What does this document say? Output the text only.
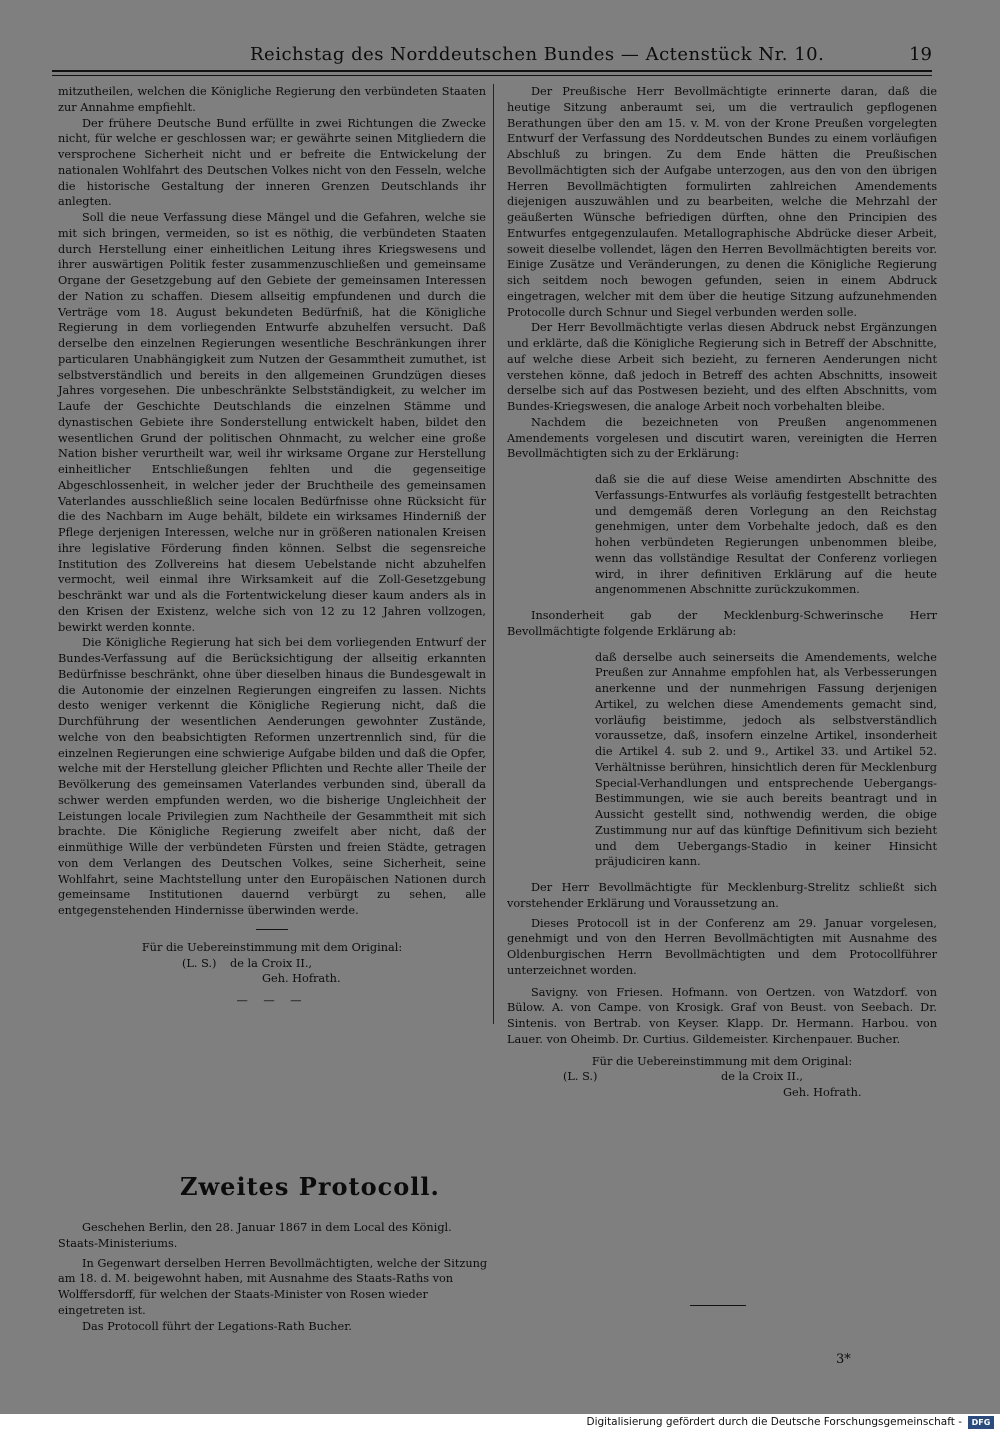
Reichstag des Norddeutschen Bundes — Actenstück Nr. 10.	19

mitzutheilen, welchen die Königliche Regierung den verbündeten Staaten zur Annahme empfiehlt.

Der frühere Deutsche Bund erfüllte in zwei Richtungen die Zwecke nicht, für welche er geschlossen war; er gewährte seinen Mitgliedern die versprochene Sicherheit nicht und er befreite die Entwickelung der nationalen Wohlfahrt des Deutschen Volkes nicht von den Fesseln, welche die historische Gestaltung der inneren Grenzen Deutschlands ihr anlegten.

Soll die neue Verfassung diese Mängel und die Gefahren, welche sie mit sich bringen, vermeiden, so ist es nöthig, die verbündeten Staaten durch Herstellung einer einheitlichen Leitung ihres Kriegswesens und ihrer auswärtigen Politik fester zusammenzuschließen und gemeinsame Organe der Gesetzgebung auf den Gebiete der gemeinsamen Interessen der Nation zu schaffen. Diesem allseitig empfundenen und durch die Verträge vom 18. August bekundeten Bedürfniß, hat die Königliche Regierung in dem vorliegenden Entwurfe abzuhelfen versucht. Daß derselbe den einzelnen Regierungen wesentliche Beschränkungen ihrer particularen Unabhängigkeit zum Nutzen der Gesammtheit zumuthet, ist selbstverständlich und bereits in den allgemeinen Grundzügen dieses Jahres vorgesehen. Die unbeschränkte Selbstständigkeit, zu welcher im Laufe der Geschichte Deutschlands die einzelnen Stämme und dynastischen Gebiete ihre Sonderstellung entwickelt haben, bildet den wesentlichen Grund der politischen Ohnmacht, zu welcher eine große Nation bisher verurtheilt war, weil ihr wirksame Organe zur Herstellung einheitlicher Entschließungen fehlten und die gegenseitige Abgeschlossenheit, in welcher jeder der Bruchtheile des gemeinsamen Vaterlandes ausschließlich seine localen Bedürfnisse ohne Rücksicht für die des Nachbarn im Auge behält, bildete ein wirksames Hinderniß der Pflege derjenigen Interessen, welche nur in größeren nationalen Kreisen ihre legislative Förderung finden können. Selbst die segensreiche Institution des Zollvereins hat diesem Uebelstande nicht abzuhelfen vermocht, weil einmal ihre Wirksamkeit auf die Zoll-Gesetzgebung beschränkt war und als die Fortentwickelung dieser kaum anders als in den Krisen der Existenz, welche sich von 12 zu 12 Jahren vollzogen, bewirkt werden konnte.

Die Königliche Regierung hat sich bei dem vorliegenden Entwurf der Bundes-Verfassung auf die Berücksichtigung der allseitig erkannten Bedürfnisse beschränkt, ohne über dieselben hinaus die Bundesgewalt in die Autonomie der einzelnen Regierungen eingreifen zu lassen. Nichts desto weniger verkennt die Königliche Regierung nicht, daß die Durchführung der wesentlichen Aenderungen gewohnter Zustände, welche von den beabsichtigten Reformen unzertrennlich sind, für die einzelnen Regierungen eine schwierige Aufgabe bilden und daß die Opfer, welche mit der Herstellung gleicher Pflichten und Rechte aller Theile der Bevölkerung des gemeinsamen Vaterlandes verbunden sind, überall da schwer werden empfunden werden, wo die bisherige Ungleichheit der Leistungen locale Privilegien zum Nachtheile der Gesammtheit mit sich brachte. Die Königliche Regierung zweifelt aber nicht, daß der einmüthige Wille der verbündeten Fürsten und freien Städte, getragen von dem Verlangen des Deutschen Volkes, seine Sicherheit, seine Wohlfahrt, seine Machtstellung unter den Europäischen Nationen durch gemeinsame Institutionen dauernd verbürgt zu sehen, alle entgegenstehenden Hindernisse überwinden werde.

Für die Uebereinstimmung mit dem Original:

(L. S.) de la Croix II.,

Geh. Hofrath.

— — —

Zweites Protocoll.

Geschehen Berlin, den 28. Januar 1867 in dem Local des Königl. Staats-Ministeriums.

In Gegenwart derselben Herren Bevollmächtigten, welche der Sitzung am 18. d. M. beigewohnt haben, mit Ausnahme des Staats-Raths von Wolffersdorff, für welchen der Staats-Minister von Rosen wieder eingetreten ist.

Das Protocoll führt der Legations-Rath Bucher.

Der Preußische Herr Bevollmächtigte erinnerte daran, daß die heutige Sitzung anberaumt sei, um die vertraulich gepflogenen Berathungen über den am 15. v. M. von der Krone Preußen vorgelegten Entwurf der Verfassung des Norddeutschen Bundes zu einem vorläufigen Abschluß zu bringen. Zu dem Ende hätten die Preußischen Bevollmächtigten sich der Aufgabe unterzogen, aus den von den übrigen Herren Bevollmächtigten formulirten zahlreichen Amendements diejenigen auszuwählen und zu bearbeiten, welche die Mehrzahl der geäußerten Wünsche befriedigen dürften, ohne den Principien des Entwurfes entgegenzulaufen. Metallographische Abdrücke dieser Arbeit, soweit dieselbe vollendet, lägen den Herren Bevollmächtigten bereits vor. Einige Zusätze und Veränderungen, zu denen die Königliche Regierung sich seitdem noch bewogen gefunden, seien in einem Abdruck eingetragen, welcher mit dem über die heutige Sitzung aufzunehmenden Protocolle durch Schnur und Siegel verbunden werden solle.

Der Herr Bevollmächtigte verlas diesen Abdruck nebst Ergänzungen und erklärte, daß die Königliche Regierung sich in Betreff der Abschnitte, auf welche diese Arbeit sich bezieht, zu ferneren Aenderungen nicht verstehen könne, daß jedoch in Betreff des achten Abschnitts, insoweit derselbe sich auf das Postwesen bezieht, und des elften Abschnitts, vom Bundes-Kriegswesen, die analoge Arbeit noch vorbehalten bleibe.

Nachdem die bezeichneten von Preußen angenommenen Amendements vorgelesen und discutirt waren, vereinigten die Herren Bevollmächtigten sich zu der Erklärung:

daß sie die auf diese Weise amendirten Abschnitte des Verfassungs-Entwurfes als vorläufig festgestellt betrachten und demgemäß deren Vorlegung an den Reichstag genehmigen, unter dem Vorbehalte jedoch, daß es den hohen verbündeten Regierungen unbenommen bleibe, wenn das vollständige Resultat der Conferenz vorliegen wird, in ihrer definitiven Erklärung auf die heute angenommenen Abschnitte zurückzukommen.

Insonderheit gab der Mecklenburg-Schwerinsche Herr Bevollmächtigte folgende Erklärung ab:

daß derselbe auch seinerseits die Amendements, welche Preußen zur Annahme empfohlen hat, als Verbesserungen anerkenne und der nunmehrigen Fassung derjenigen Artikel, zu welchen diese Amendements gemacht sind, vorläufig beistimme, jedoch als selbstverständlich voraussetze, daß, insofern einzelne Artikel, insonderheit die Artikel 4. sub 2. und 9., Artikel 33. und Artikel 52. Verhältnisse berühren, hinsichtlich deren für Mecklenburg Special-Verhandlungen und entsprechende Uebergangs-Bestimmungen, wie sie auch bereits beantragt und in Aussicht gestellt sind, nothwendig werden, die obige Zustimmung nur auf das künftige Definitivum sich bezieht und dem Uebergangs-Stadio in keiner Hinsicht präjudiciren kann.

Der Herr Bevollmächtigte für Mecklenburg-Strelitz schließt sich vorstehender Erklärung und Voraussetzung an.

Dieses Protocoll ist in der Conferenz am 29. Januar vorgelesen, genehmigt und von den Herren Bevollmächtigten mit Ausnahme des Oldenburgischen Herrn Bevollmächtigten und dem Protocollführer unterzeichnet worden.

Savigny. von Friesen. Hofmann. von Oertzen. von Watzdorf. von Bülow. A. von Campe. von Krosigk. Graf von Beust. von Seebach. Dr. Sintenis. von Bertrab. von Keyser. Klapp. Dr. Hermann. Harbou. von Lauer. von Oheimb. Dr. Curtius. Gildemeister. Kirchenpauer. Bucher.

Für die Uebereinstimmung mit dem Original:

(L. S.)	de la Croix II.,

Geh. Hofrath.

3*
Digitalisierung gefördert durch die Deutsche Forschungsgemeinschaft -	DFG
